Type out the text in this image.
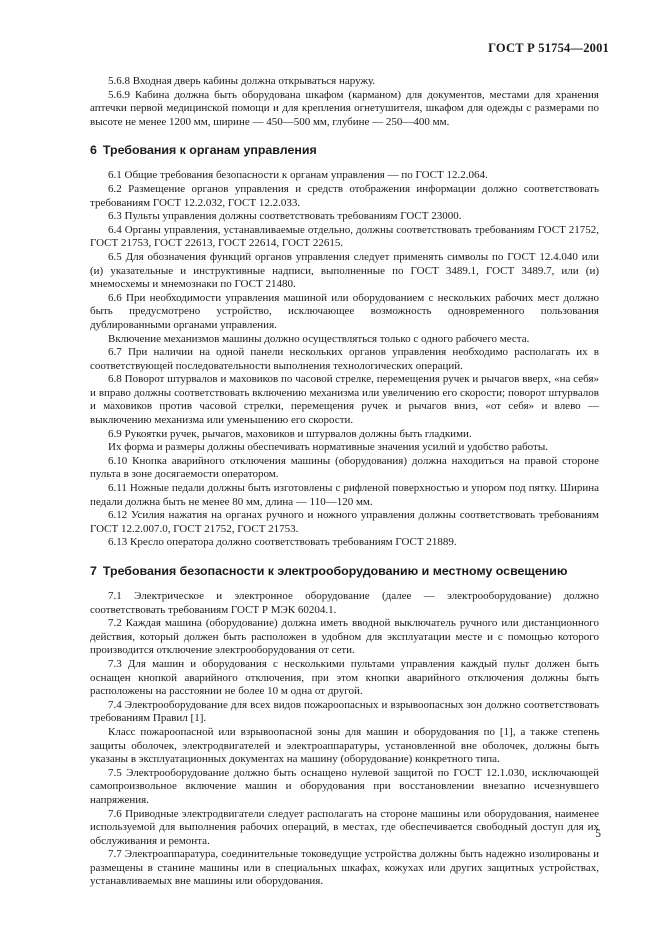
ГОСТ Р 51754—2001

5.6.8 Входная дверь кабины должна открываться наружу.

5.6.9 Кабина должна быть оборудована шкафом (карманом) для документов, местами для хранения аптечки первой медицинской помощи и для крепления огнетушителя, шкафом для одежды с размерами по высоте не менее 1200 мм, ширине — 450—500 мм, глубине — 250—400 мм.

6 Требования к органам управления

6.1 Общие требования безопасности к органам управления — по ГОСТ 12.2.064.

6.2 Размещение органов управления и средств отображения информации должно соответствовать требованиям ГОСТ 12.2.032, ГОСТ 12.2.033.

6.3 Пульты управления должны соответствовать требованиям ГОСТ 23000.

6.4 Органы управления, устанавливаемые отдельно, должны соответствовать требованиям ГОСТ 21752, ГОСТ 21753, ГОСТ 22613, ГОСТ 22614, ГОСТ 22615.

6.5 Для обозначения функций органов управления следует применять символы по ГОСТ 12.4.040 или (и) указательные и инструктивные надписи, выполненные по ГОСТ 3489.1, ГОСТ 3489.7, или (и) мнемосхемы и мнемознаки по ГОСТ 21480.

6.6 При необходимости управления машиной или оборудованием с нескольких рабочих мест должно быть предусмотрено устройство, исключающее возможность одновременного пользования дублированными органами управления.

Включение механизмов машины должно осуществляться только с одного рабочего места.

6.7 При наличии на одной панели нескольких органов управления необходимо располагать их в соответствующей последовательности выполнения технологических операций.

6.8 Поворот штурвалов и маховиков по часовой стрелке, перемещения ручек и рычагов вверх, «на себя» и вправо должны соответствовать включению механизма или увеличению его скорости; поворот штурвалов и маховиков против часовой стрелки, перемещения ручек и рычагов вниз, «от себя» и влево — выключению механизма или уменьшению его скорости.

6.9 Рукоятки ручек, рычагов, маховиков и штурвалов должны быть гладкими.

Их форма и размеры должны обеспечивать нормативные значения усилий и удобство работы.

6.10 Кнопка аварийного отключения машины (оборудования) должна находиться на правой стороне пульта в зоне досягаемости оператором.

6.11 Ножные педали должны быть изготовлены с рифленой поверхностью и упором под пятку. Ширина педали должна быть не менее 80 мм, длина — 110—120 мм.

6.12 Усилия нажатия на органах ручного и ножного управления должны соответствовать требованиям ГОСТ 12.2.007.0, ГОСТ 21752, ГОСТ 21753.

6.13 Кресло оператора должно соответствовать требованиям ГОСТ 21889.

7 Требования безопасности к электрооборудованию и местному освещению

7.1 Электрическое и электронное оборудование (далее — электрооборудование) должно соответствовать требованиям ГОСТ Р МЭК 60204.1.

7.2 Каждая машина (оборудование) должна иметь вводной выключатель ручного или дистанционного действия, который должен быть расположен в удобном для эксплуатации месте и с помощью которого производится отключение электрооборудования от сети.

7.3 Для машин и оборудования с несколькими пультами управления каждый пульт должен быть оснащен кнопкой аварийного отключения, при этом кнопки аварийного отключения должны быть расположены на расстоянии не более 10 м одна от другой.

7.4 Электрооборудование для всех видов пожароопасных и взрывоопасных зон должно соответствовать требованиям Правил [1].

Класс пожароопасной или взрывоопасной зоны для машин и оборудования по [1], а также степень защиты оболочек, электродвигателей и электроаппаратуры, установленной вне оболочек, должны быть указаны в эксплуатационных документах на машину (оборудование) конкретного типа.

7.5 Электрооборудование должно быть оснащено нулевой защитой по ГОСТ 12.1.030, исключающей самопроизвольное включение машин и оборудования при восстановлении внезапно исчезнувшего напряжения.

7.6 Приводные электродвигатели следует располагать на стороне машины или оборудования, наименее используемой для выполнения рабочих операций, в местах, где обеспечивается свободный доступ для их обслуживания и ремонта.

7.7 Электроаппаратура, соединительные токоведущие устройства должны быть надежно изолированы и размещены в станине машины или в специальных шкафах, кожухах или других защитных устройствах, устанавливаемых вне машины или оборудования.

5
